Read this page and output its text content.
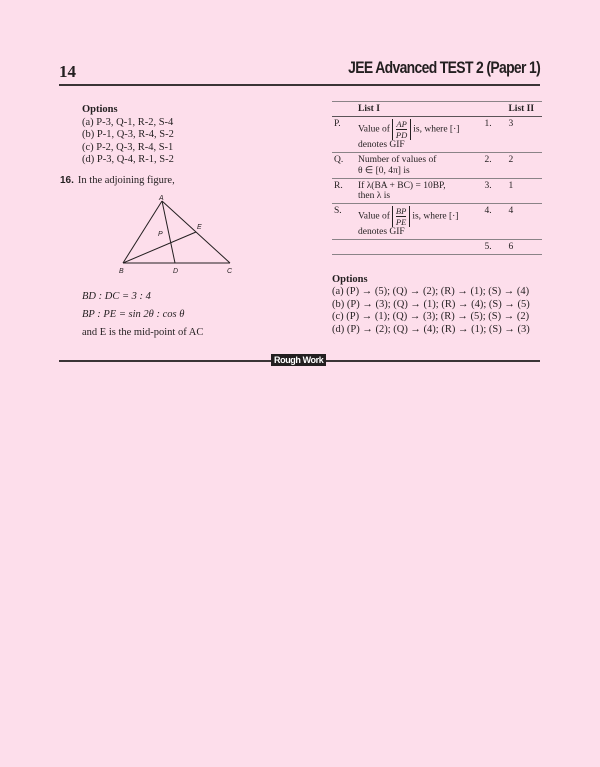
14	JEE Advanced TEST 2 (Paper 1)
Options
(a) P-3, Q-1, R-2, S-4
(b) P-1, Q-3, R-4, S-2
(c) P-2, Q-3, R-4, S-1
(d) P-3, Q-4, R-1, S-2
16. In the adjoining figure,
A
E
P
B	D	C
BD : DC = 3 : 4
BP : PE = sin 2θ : cos θ
and E is the mid-point of AC
	List I		List II
P.	Value of $\frac{AP}{PD}$ is, where [·]
denotes GIF	1.	3
Q.	Number of values of
θ ∈ [0, 4π] is	2.	2
R.	If λ(BA + BC) = 10BP,
then λ is	3.	1
S.	Value of $\frac{BP}{PE}$ is, where [·]
denotes GIF	4.	4
		5.	6
Options
(a) (P) → (5); (Q) → (2); (R) → (1); (S) → (4)
(b) (P) → (3); (Q) → (1); (R) → (4); (S) → (5)
(c) (P) → (1); (Q) → (3); (R) → (5); (S) → (2)
(d) (P) → (2); (Q) → (4); (R) → (1); (S) → (3)
Rough Work
